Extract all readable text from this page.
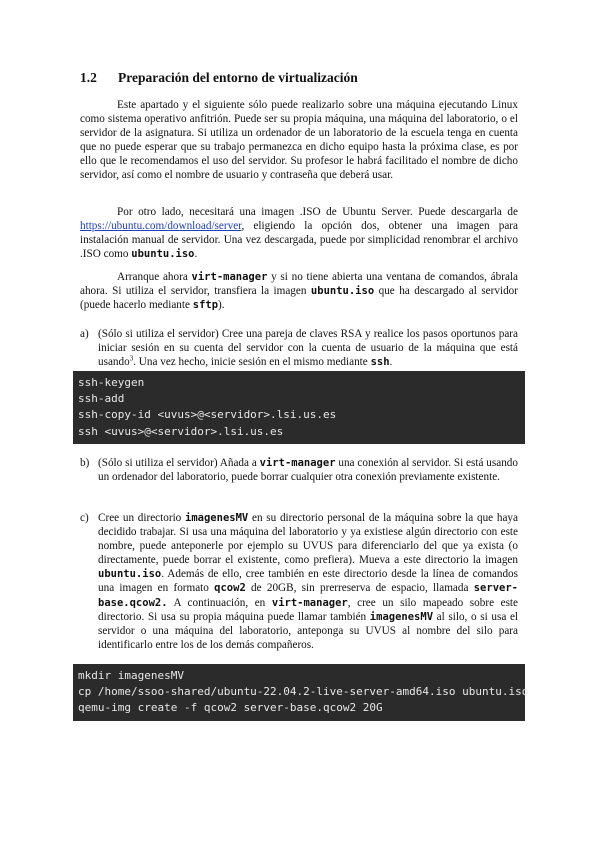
1.2 Preparación del entorno de virtualización

Este apartado y el siguiente sólo puede realizarlo sobre una máquina ejecutando Linux como sistema operativo anfitrión. Puede ser su propia máquina, una máquina del laboratorio, o el servidor de la asignatura. Si utiliza un ordenador de un laboratorio de la escuela tenga en cuenta que no puede esperar que su trabajo permanezca en dicho equipo hasta la próxima clase, es por ello que le recomendamos el uso del servidor. Su profesor le habrá facilitado el nombre de dicho servidor, así como el nombre de usuario y contraseña que deberá usar.

Por otro lado, necesitará una imagen .ISO de Ubuntu Server. Puede descargarla de https://ubuntu.com/download/server, eligiendo la opción dos, obtener una imagen para instalación manual de servidor. Una vez descargada, puede por simplicidad renombrar el archivo .ISO como ubuntu.iso.

Arranque ahora virt-manager y si no tiene abierta una ventana de comandos, ábrala ahora. Si utiliza el servidor, transfiera la imagen ubuntu.iso que ha descargado al servidor (puede hacerlo mediante sftp).

a) (Sólo si utiliza el servidor) Cree una pareja de claves RSA y realice los pasos oportunos para iniciar sesión en su cuenta del servidor con la cuenta de usuario de la máquina que está usando$^3$. Una vez hecho, inicie sesión en el mismo mediante ssh.
ssh-keygen
ssh-add
ssh-copy-id <uvus>@<servidor>.lsi.us.es
ssh <uvus>@<servidor>.lsi.us.es
b) (Sólo si utiliza el servidor) Añada a virt-manager una conexión al servidor. Si está usando un ordenador del laboratorio, puede borrar cualquier otra conexión previamente existente.
c) Cree un directorio imagenesMV en su directorio personal de la máquina sobre la que haya decidido trabajar. Si usa una máquina del laboratorio y ya existiese algún directorio con este nombre, puede anteponerle por ejemplo su UVUS para diferenciarlo del que ya exista (o directamente, puede borrar el existente, como prefiera). Mueva a este directorio la imagen ubuntu.iso. Además de ello, cree también en este directorio desde la línea de comandos una imagen en formato qcow2 de 20GB, sin prerreserva de espacio, llamada server-base.qcow2. A continuación, en virt-manager, cree un silo mapeado sobre este directorio. Si usa su propia máquina puede llamar también imagenesMV al silo, o si usa el servidor o una máquina del laboratorio, anteponga su UVUS al nombre del silo para identificarlo entre los de los demás compañeros.
mkdir imagenesMV
cp /home/ssoo-shared/ubuntu-22.04.2-live-server-amd64.iso ubuntu.iso
qemu-img create -f qcow2 server-base.qcow2 20G
